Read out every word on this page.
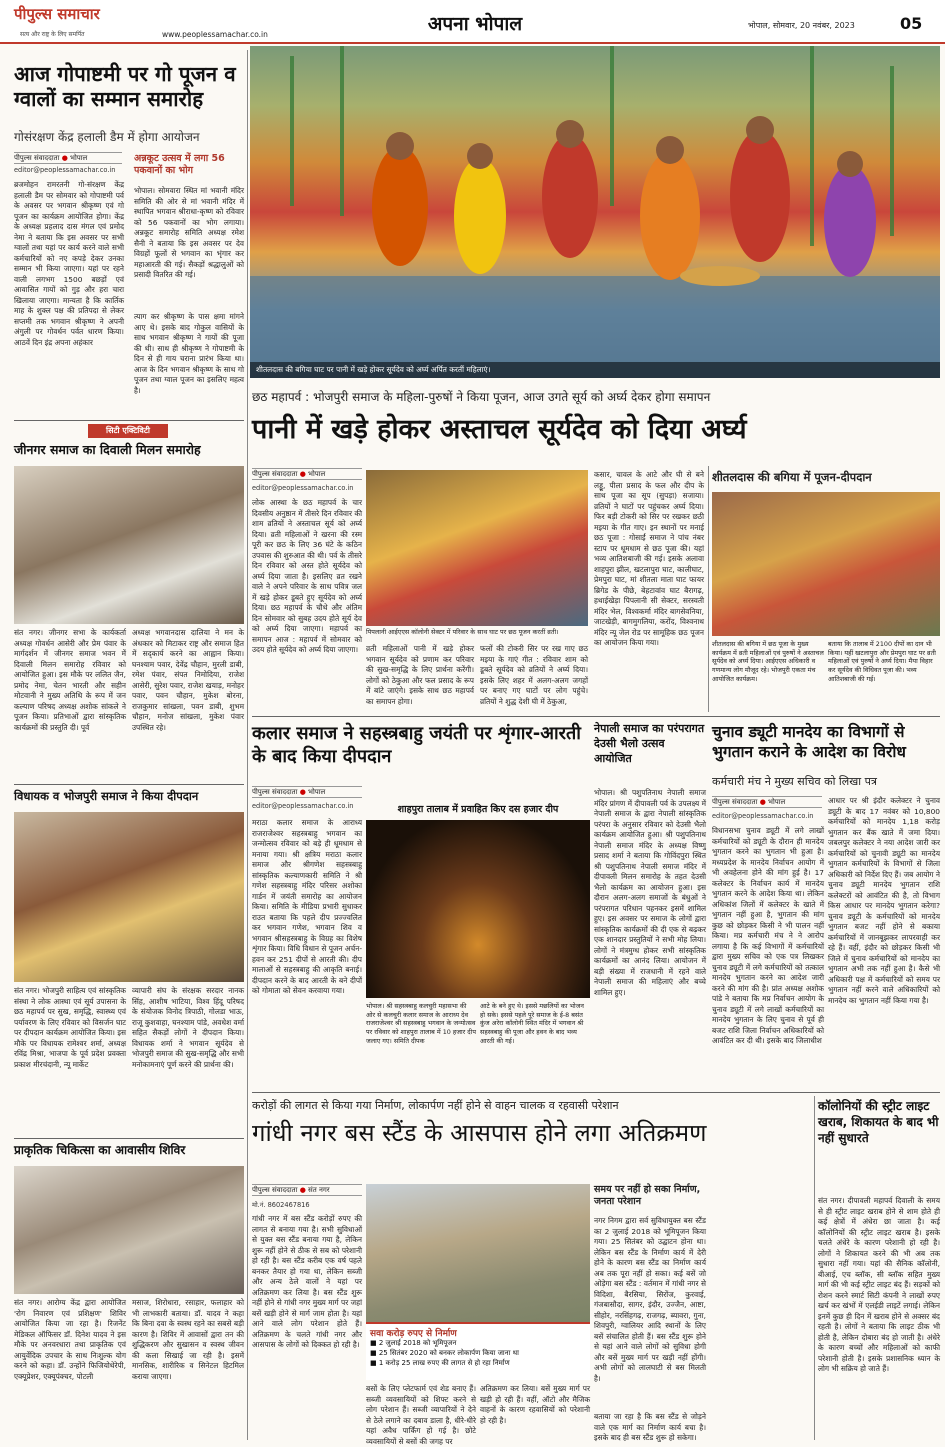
पीपुल्स समाचार
सत्य और राष्ट्र के लिए समर्पित	www.peoplessamachar.co.in	अपना भोपाल	भोपाल, सोमवार, 20 नवंबर, 2023	05
आज गोपाष्टमी पर गो पूजन व ग्वालों का सम्मान समारोह
गोसंरक्षण केंद्र हलाली डैम में होगा आयोजन
पीपुल्स संवाददाता ● भोपाल
editor@peoplessamachar.co.in
ब्रजमोहन रामरतनी गो-संरक्षण केंद्र हलाली डैम पर सोमवार को गोपाष्टमी पर्व के अवसर पर भगवान श्रीकृष्ण एवं गो पूजन का कार्यक्रम आयोजित होगा। केंद्र के अध्यक्ष प्रहलाद दास मंगल एवं प्रमोद नेमा ने बताया कि इस अवसर पर सभी ग्वालों तथा यहां पर कार्य करने वाले सभी कर्मचारियों को नए कपड़े देकर उनका सम्मान भी किया जाएगा। यहां पर रहने वाली लगभग 1500 बछड़ों एवं आवासित गायों को गुड़ और हरा चारा खिलाया जाएगा। मान्यता है कि कार्तिक माह के शुक्ल पक्ष की प्रतिपदा से लेकर सप्तमी तक भगवान श्रीकृष्ण ने अपनी अंगुली पर गोवर्धन पर्वत धारण किया। आठवें दिन इंद्र अपना अहंकार
अन्नकूट उत्सव में लगा 56 पकवानों का भोग
भोपाल। सोमवारा स्थित मां भवानी मंदिर समिति की ओर से मां भवानी मंदिर में स्थापित भगवान श्रीराधा-कृष्ण को रविवार को 56 पकवानों का भोग लगाया। अन्नकूट समारोह समिति अध्यक्ष रमेश सैनी ने बताया कि इस अवसर पर देव विग्रहों फूलों से भगवान का भृंगार कर महाआरती की गई। सैकड़ों श्रद्धालुओं को प्रसादी वितरित की गई।
त्याग कर श्रीकृष्ण के पास क्षमा मांगने आए थे। इसके बाद गोकुल वासियों के साथ भगवान श्रीकृष्ण ने गायों की पूजा की थी। साथ ही श्रीकृष्ण ने गोपाष्टमी के दिन से ही गाय चराना प्रारंभ किया था। आज के दिन भगवान श्रीकृष्ण के साथ गो पूजन तथा ग्वाल पूजन का इसलिए महत्व है।
शीतलदास की बगिया घाट पर पानी में खड़े होकर सूर्यदेव को अर्घ्य अर्पित करतीं महिलाएं।
छठ महापर्व : भोजपुरी समाज के महिला-पुरुषों ने किया पूजन, आज उगते सूर्य को अर्घ्य देकर होगा समापन
पानी में खड़े होकर अस्ताचल सूर्यदेव को दिया अर्घ्य
पीपुल्स संवाददाता ● भोपाल
editor@peoplessamachar.co.in
लोक आस्था के छठ महापर्व के चार दिवसीय अनुष्ठान में तीसरे दिन रविवार की शाम व्रतियों ने अस्ताचल सूर्य को अर्घ्य दिया। व्रती महिलाओं ने खरना की रस्म पूरी कर छठ के लिए 36 घंटे के कठिन उपवास की शुरुआत की थी। पर्व के तीसरे दिन रविवार को अस्त होते सूर्यदेव को अर्घ्य दिया जाता है। इसलिए व्रत रखने वाले ने अपने परिवार के साथ पवित्र जल में खड़े होकर डूबते हुए सूर्यदेव को अर्घ्य दिया। छठ महापर्व के चौथे और अंतिम दिन सोमवार को सुबह उदय होते सूर्य देव को अर्घ्य दिया जाएगा। महापर्व का समापन आज : महापर्व में सोमवार को उदय होते सूर्यदेव को अर्घ्य दिया जाएगा।
पिपलानी आईएएस कॉलोनी सेक्टर में परिवार के साथ घाट पर छठ पूजन करतीं व्रती।
व्रती महिलाओं पानी में खड़े होकर भगवान सूर्यदेव को प्रणाम कर परिवार की सुख-समृद्धि के लिए प्रार्थना करेंगी। लोगों को ठेकुआ और फल प्रसाद के रूप में बांटे जाएंगे। इसके साथ छठ महापर्व का समापन होगा।
फलों की टोकरी सिर पर रख गाए छठ मइया के गाएं गीत : रविवार शाम को डूबते सूर्यदेव को व्रतियों ने अर्घ्य दिया। इसके लिए शहर में अलग-अलग जगहों पर बनाए गए घाटों पर लोग पहुंचे। व्रतियों ने शुद्ध देशी घी में ठेकुआ,
कसार, चावल के आटे और घी से बने लड्डू, पीला प्रसाद के फल और दीप के साथ पूजा का सूप (सुपड़ा) सजाया। व्रतियों ने घाटों पर पहुंचकर अर्घ्य दिया। फिर बड़ी टोकरी को सिर पर रखकर छठी मइया के गीत गाए। इन स्थानों पर मनाई छठ पूजा : गोसाईं समाज ने पांच नंबर स्टाप पर धूमधाम से छठ पूजा की। यहां भव्य आतिशबाजी की गई। इसके अलावा शाहपुरा झील, खटलापुरा घाट, कालीघाट, प्रेमपुरा घाट, मां शीतला माता घाट फायर ब्रिगेड के पीछे, बेहटावांव घाट बैरागढ़, हथाईखेड़ा पिपलानी सी सेक्टर, सरस्वती मंदिर भेल, विश्वकर्मा मंदिर बागसेवनिया, जाटखेड़ी, बागमुगलिया, करोंद, विश्वनाथ मंदिर न्यू जेल रोड पर सामूहिक छठ पूजन का आयोजन किया गया।
शीतलदास की बगिया में पूजन-दीपदान
शीतलदास की बगिया में छठ पूजा के मुख्य कार्यक्रम में व्रती महिलाओं एवं पुरुषों ने अस्ताचल सूर्यदेव को अर्घ्य दिया। आईएएस अधिकारी व गणमान्य लोग मौजूद रहे। भोजपुरी एकता मंच आयोजित कार्यक्रम।
बताया कि तालाब में 2100 दीपों का दान भी किया। यहीं खटलापुरा और प्रेमपुरा घाट पर व्रती महिलाओं एवं पुरुषों ने अर्घ्य दिया। मैया विहार कर सूर्यदेव की विधिवत पूजा की। भव्य आतिशबाजी की गई।
सिटी एक्टिविटी
जीनगर समाज का दिवाली मिलन समारोह
संत नगर। जीनगर सभा के कार्यकर्ता अध्यक्ष गोवर्धन आसेरी और प्रेम पंवार के मार्गदर्शन में जीनगर समाज भवन में दिवाली मिलन समारोह रविवार को आयोजित हुआ। इस मौके पर ललित जैन, प्रमोद नेमा, चेतन भारती और सहीन मोटवानी ने मुख्य अतिथि के रूप में जन कल्याण परिषद अध्यक्ष अशोक सांकले ने पूजन किया। प्रतिभाओं द्वारा सांस्कृतिक कार्यक्रमों की प्रस्तुति दी। पूर्व
अध्यक्ष भगवानदास दालिया ने मन के अंधकार को मिटाकर राष्ट्र और समाज हित में सद्कार्य करने का आह्वान किया। घनश्याम पवार, देवेंद्र चौहान, मुरली डाबी, रमेश पंवार, संपत निमोदिया, राजेश आसेरी, सुरेश पवार, राजेश खयाड़, मनोहर पवार, पवन चौहान, मुकेश बोरना, राजकुमार सांखला, पवन डाबी, शुभम चौहान, मनोज सांखला, मुकेश पंवार उपस्थित रहे।
विधायक व भोजपुरी समाज ने किया दीपदान
संत नगर। भोजपुरी साहित्य एवं सांस्कृतिक संस्था ने लोक आस्था एवं सूर्य उपासना के छठ महापर्व पर सुख, समृद्धि, स्वास्थ्य एवं पर्यावरण के लिए रविवार को विसर्जन घाट पर दीपदान कार्यक्रम आयोजित किया। इस मौके पर विधायक रामेश्वर शर्मा, अध्यक्ष रविंद्र मिश्रा, भाजपा के पूर्व प्रदेश प्रवक्ता प्रकाश मीरचंदानी, न्यू मार्केट
व्यापारी संघ के संरक्षक सरदार नानक सिंह, आशीष भाटिया, विश्व हिंदू परिषद के संयोजक विनोद त्रिपाठी, गोलडा भाऊ, राजू कुशवाहा, घनश्याम पांडे, अवधेश वर्मा सहित सैकड़ों लोगों ने दीपदान किया। विधायक शर्मा ने भगवान सूर्यदेव से भोजपुरी समाज की सुख-समृद्धि और सभी मनोकामनाएं पूर्ण करने की प्रार्थना की।
प्राकृतिक चिकित्सा का आवासीय शिविर
संत नगर। आरोग्य केंद्र द्वारा आयोजित 'रोग निवारण एवं प्रशिक्षण' शिविर आयोजित किया जा रहा है। रिजनेंट मेडिकल ऑफिसर डॉ. दिनेश यादव ने इस मौके पर अनवरधारा तथा प्राकृतिक एवं आयुर्वेदिक उपचार के साथ निःशुल्क योग करने को कहा। डॉ. उन्होंने फिजियोथेरेपी, एक्यूप्रेशर, एक्यूपंक्चर, पोटली
मसाज, शिरोधारा, रसाहार, फलाहार को भी लाभकारी बताया। डॉ. यादव ने कहा कि बिना दवा के स्वस्थ रहने का सबसे बड़ी कारण है। शिविर में आवासों द्वारा तन की शुद्धिकरण और सुखासन व स्वस्थ जीवन की कला सिखाई जा रही है। इसमें मानसिक, शारीरिक व सिनेटल हिटमिल कराया जाएगा।
कलार समाज ने सहस्त्रबाहु जयंती पर शृंगार-आरती के बाद किया दीपदान
पीपुल्स संवाददाता ● भोपाल
editor@peoplessamachar.co.in
मराठा कलार समाज के आराध्य राजराजेश्वर सहस्त्रबाहु भगवान का जन्मोत्सव रविवार को बड़े ही धूमधाम से मनाया गया। श्री क्षत्रिय मराठा कलार समाज और श्रीगणेश सहस्त्रबाहु सांस्कृतिक कल्याणकारी समिति ने श्री गणेश सहस्त्रबाहु मंदिर परिसर अशोका गार्डन में जयंती समारोह का आयोजन किया। समिति के मीडिया प्रभारी सुधाकर राउत बताया कि पहले दीप प्रज्ज्वलित कर भगवान गणेश, भगवान शिव व भगवान श्रीसहस्त्रबाहु के विग्रह का विशेष शृंगार किया। विधि विधान से पूजन अर्चन-हवन कर 251 दीपों से आरती की। दीप मालाओं से सहस्त्रबाहु की आकृति बनाई। दीपदान करने के बाद आरती के बने दीपों को गोमाता को सेवन करवाया गया।
शाहपुरा तालाब में प्रवाहित किए दस हजार दीप
भोपाल। श्री सहस्त्रबाहु कलचुरी महासभा की ओर से कलचुरी कलार समाज के आराध्य देव राजराजेश्वर श्री सहस्त्रबाहु भगवान के जन्मोत्सव पर रविवार को शाहपुरा तालाब में 10 हजार दीप जलाए गए। समिति दीपक
आटे के बने हुए थे। इससे मछलियों का भोजन हो सके। इससे पहले पूरे समाज के ई-8 बसंत कुंज अरेरा कॉलोनी स्थित मंदिर में भगवान श्री सहस्त्रबाहु की पूजा और हवन के बाद भव्य आरती की गई।
नेपाली समाज का परंपरागत देउसी भैलो उत्सव आयोजित
भोपाल। श्री पशुपतिनाथ नेपाली समाज मंदिर प्रांगण में दीपावली पर्व के उपलक्ष्य में नेपाली समाज के द्वारा नेपाली सांस्कृतिक परंपरा के अनुसार रविवार को देउसी भैलो कार्यक्रम आयोजित हुआ। श्री पशुपतिनाथ नेपाली समाज मंदिर के अध्यक्ष विष्णु प्रसाद शर्मा ने बताया कि गोविंदपुरा स्थित श्री पशुपतिनाथ नेपाली समाज मंदिर में दीपावली मिलन समारोह के तहत देउसी भैलो कार्यक्रम का आयोजन हुआ। इस दौरान अलग-अलग समाजों के बंधुओं ने परंपरागत परिधान पहनकर इसमें शामिल हुए। इस अवसर पर समाज के लोगों द्वारा सांस्कृतिक कार्यक्रमों की दी एक से बढ़कर एक शानदार प्रस्तुतियों ने सभी मोह लिया। लोगों ने मंत्रमुग्ध होकर सभी सांस्कृतिक कार्यक्रमों का आनंद लिया। आयोजन में बड़ी संख्या में राजधानी में रहने वाले नेपाली समाज की महिलाएं और बच्चे शामिल हुए।
चुनाव ड्यूटी मानदेय का विभागों से भुगतान कराने के आदेश का विरोध
कर्मचारी मंच ने मुख्य सचिव को लिखा पत्र
पीपुल्स संवाददाता ● भोपाल
editor@peoplessamachar.co.in
विधानसभा चुनाव ड्यूटी में लगे लाखों कर्मचारियों को ड्यूटी के दौरान ही मानदेय भुगतान करने का भुगतान भी हुआ है। मध्यप्रदेश के मानदेय निर्वाचन आयोग में भी अवहेलना होने की मांग हुई है। 17 कलेक्टर के निर्वाचन कार्य में मानदेय भुगतान करने के आदेश किया था। लेकिन अधिकांश जिलों में कलेक्टर के खाते में भुगतान नहीं हुआ है, भुगतान की मांग कुछ को छोड़कर किसी ने भी पालन नहीं किया। मप्र कर्मचारी मंच ने ने आरोप लगाया है कि कई विभागों में कर्मचारियों द्वारा मुख्य सचिव को एक पत्र लिखकर चुनाव ड्यूटी में लगे कर्मचारियों को तत्काल मानदेय भुगतान करने का आदेश जारी करने की मांग की है। प्रांत अध्यक्ष अशोक पांडे ने बताया कि मप्र निर्वाचन आयोग के चुनाव ड्यूटी में लगे लाखों कर्मचारियों का मानदेय भुगतान के लिए चुनाव से पूर्व ही बजट राशि जिला निर्वाचन अधिकारियों को आवंटित कर दी थी। इसके बाद जिलाधीश
आधार पर श्री इंदौर कलेक्टर ने चुनाव ड्यूटी के बाद 17 नवंबर को 10,800 कर्मचारियों को मानदेय 1,18 करोड़ भुगतान कर बैंक खाते में जमा दिया। जबलपुर कलेक्टर ने नया आदेश जारी कर कर्मचारियों को चुनावी ड्यूटी का मानदेय भुगतान कर्मचारियों के विभागों से जिला अधिकारी को निर्देश दिए हैं। जब आयोग ने चुनाव ड्यूटी मानदेय भुगतान राशि कलेक्टरों को आवंटित की है, तो विभाग किस आधार पर मानदेय भुगतान करेगा? चुनाव ड्यूटी के कर्मचारियों को मानदेय भुगतान बजट नहीं होने से बकाया कर्मचारियों में जानबूझकर लापरवाही कर रहे हैं। वहीं, इंदौर को छोड़कर किसी भी जिले में चुनाव कर्मचारियों को मानदेय का भुगतान अभी तक नहीं हुआ है। कैसे भी अधिकारी पक्ष में कर्मचारियों को समय पर भुगतान नहीं करने वाले अधिकारियों को मानदेय का भुगतान नहीं किया गया है।
करोड़ों की लागत से किया गया निर्माण, लोकार्पण नहीं होने से वाहन चालक व रहवासी परेशान
गांधी नगर बस स्टैंड के आसपास होने लगा अतिक्रमण
पीपुल्स संवाददाता ● संत नगर
मो.नं. 8602467816
गांधी नगर में बस स्टैंड करोड़ों रुपए की लागत से बनाया गया है। सभी सुविधाओं से युक्त बस स्टैंड बनाया गया है, लेकिन शुरू नहीं होने से ठीक से सब को परेशानी हो रही है। बस स्टैंड करीब एक वर्ष पहले बनकर तैयार हो गया था, लेकिन सब्जी और अन्य ठेले वालों ने यहां पर अतिक्रमण कर लिया है। बस स्टैंड शुरू नहीं होने से गांधी नगर मुख्य मार्ग पर जहां बसें खड़ी होने से मार्ग जाम होता है। यहां आने वाले लोग परेशान होते हैं। अतिक्रमण के चलते गांधी नगर और आसपास के लोगों को दिक्कत हो रही है।
सवा करोड़ रुपए से निर्माण
■ 2 जुलाई 2018 को भूमिपूजन
■ 25 सितंबर 2020 को बनकर लोकार्पण किया जाना था
■ 1 करोड़ 25 लाख रुपए की लागत से हो रहा निर्माण
बसों के लिए प्लेटफार्म एवं शेड बनाए हैं। सब्जी व्यवसायियों को शिफ्ट करने से लोग परेशान हैं। सब्जी व्यापारियों ने देने से ठेले लगाने का दबाव डाला है, धीरे-धीरे यहां अवैध पार्किंग हो गई है। छोटे व्यवसायियों से बसों की जगह पर
अतिक्रमण कर लिया। बसें मुख्य मार्ग पर खड़ी हो रही हैं। वहीं, ऑटो और मैजिक वाहनों के कारण रहवासियों को परेशानी हो रही है।
समय पर नहीं हो सका निर्माण, जनता परेशान
नगर निगम द्वारा सर्व सुविधायुक्त बस स्टैंड का 2 जुलाई 2018 को भूमिपूजन किया गया। 25 सितंबर को उद्घाटन होना था। लेकिन बस स्टैंड के निर्माण कार्य में देरी होने के कारण बस स्टैंड का निर्माण कार्य अब तक पूरा नहीं हो सका। कई बसें जो ओड़ेगा बस स्टैंड : वर्तमान में गांधी नगर से विदिशा, बैरसिया, सिरोंज, कुरवाई, गंजबासौदा, सागर, इंदौर, उज्जैन, आष्टा, सीहोर, नरसिंहगढ़, राजगढ़, ब्यावरा, गुना, शिवपुरी, ग्वालियर आदि स्थानों के लिए बसें संचालित होती हैं। बस स्टैंड शुरू होने से यहां आने वाले लोगों को सुविधा होगी और बसें मुख्य मार्ग पर खड़ी नहीं होंगी। अभी लोगों को लालघाटी से बस मिलती है।
बताया जा रहा है कि बस स्टैंड से जोड़ने वाले एक मार्ग का निर्माण कार्य बचा है। इसके बाद ही बस स्टैंड शुरू हो सकेगा।
कॉलोनियों की स्ट्रीट लाइट खराब, शिकायत के बाद भी नहीं सुधारते
संत नगर। दीपावली महापर्व दिवाली के समय से ही स्ट्रीट लाइट खराब होने से शाम होते ही कई क्षेत्रों में अंधेरा छा जाता है। कई कॉलोनियों की स्ट्रीट लाइट खराब है। इसके चलते अंधेरे के कारण परेशानी हो रही है। लोगों ने शिकायत करने की भी अब तक सुधारा नहीं गया। यहां की सैनिक कॉलोनी, बीआई, एच ब्लॉक, सी ब्लॉक सहित मुख्य मार्ग की भी कई स्ट्रीट लाइट बंद हैं। सड़कों को रोशन करने स्मार्ट सिटी कंपनी ने लाखों रुपए खर्च कर खंभों में एलईडी लाइटें लगाई। लेकिन इनमें कुछ ही दिन में खराब होने से अक्सर बंद रहती है। लोगों ने बताया कि लाइट ठीक भी होती है, लेकिन दोबारा बंद हो जाती है। अंधेरे के कारण बच्चों और महिलाओं को काफी परेशानी होती है। इसके प्रशासनिक ध्यान के लोग भी सक्रिय हो जाते हैं।
